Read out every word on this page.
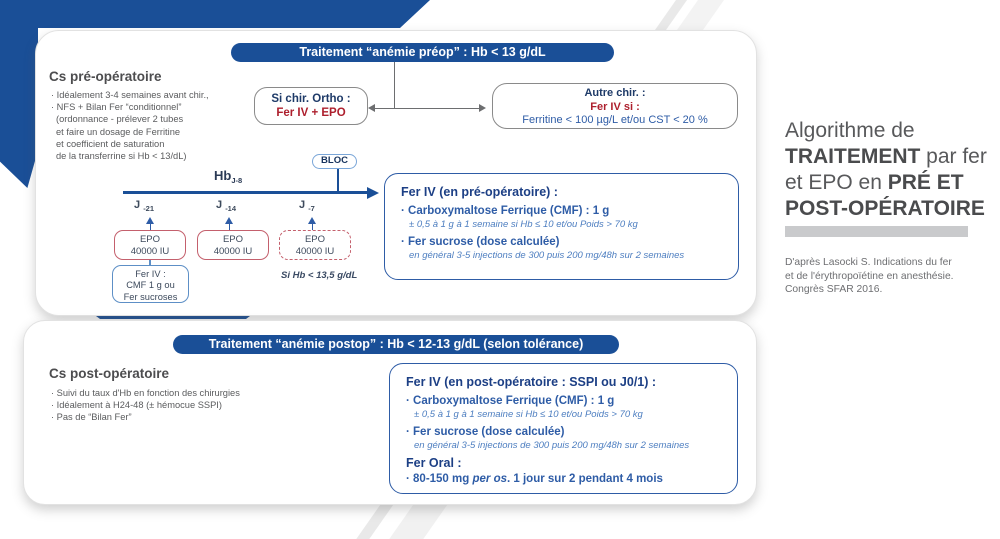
Traitement “anémie préop” : Hb < 13 g/dL
Cs pré-opératoire
· Idéalement 3-4 semaines avant chir.,
· NFS + Bilan Fer “conditionnel”
(ordonnance - prélever 2 tubes
et faire un dosage de Ferritine
et coefficient de saturation
de la transferrine si Hb < 13/dL)
Si chir. Ortho :
Fer IV + EPO
Autre chir. :
Fer IV si :
Ferritine < 100 µg/L et/ou CST < 20 %
$Hb_{J-8}$
BLOC
J $_{-21}$	J $_{-14}$	J $_{-7}$
EPO
40000 IU
EPO
40000 IU
EPO
40000 IU
Fer IV :
CMF 1 g ou
Fer sucroses
Si Hb < 13,5 g/dL
Fer IV (en pré-opératoire) :
· Carboxymaltose Ferrique (CMF) : 1 g
± 0,5 à 1 g à 1 semaine si Hb ≤ 10 et/ou Poids > 70 kg
· Fer sucrose (dose calculée)
en général 3-5 injections de 300 puis 200 mg/48h sur 2 semaines
Traitement “anémie postop” : Hb < 12-13 g/dL (selon tolérance)
Cs post-opératoire
· Suivi du taux d'Hb en fonction des chirurgies
· Idéalement à H24-48 (± hémocue SSPI)
· Pas de “Bilan Fer”
Fer IV (en post-opératoire : SSPI ou J0/1) :
· Carboxymaltose Ferrique (CMF) : 1 g
± 0,5 à 1 g à 1 semaine si Hb ≤ 10 et/ou Poids > 70 kg
· Fer sucrose (dose calculée)
en général 3-5 injections de 300 puis 200 mg/48h sur 2 semaines
Fer Oral :
· 80-150 mg per os. 1 jour sur 2 pendant 4 mois
Algorithme de
TRAITEMENT par fer
et EPO en PRÉ ET
POST-OPÉRATOIRE
D'après Lasocki S. Indications du fer
et de l'érythropoïétine en anesthésie.
Congrès SFAR 2016.
